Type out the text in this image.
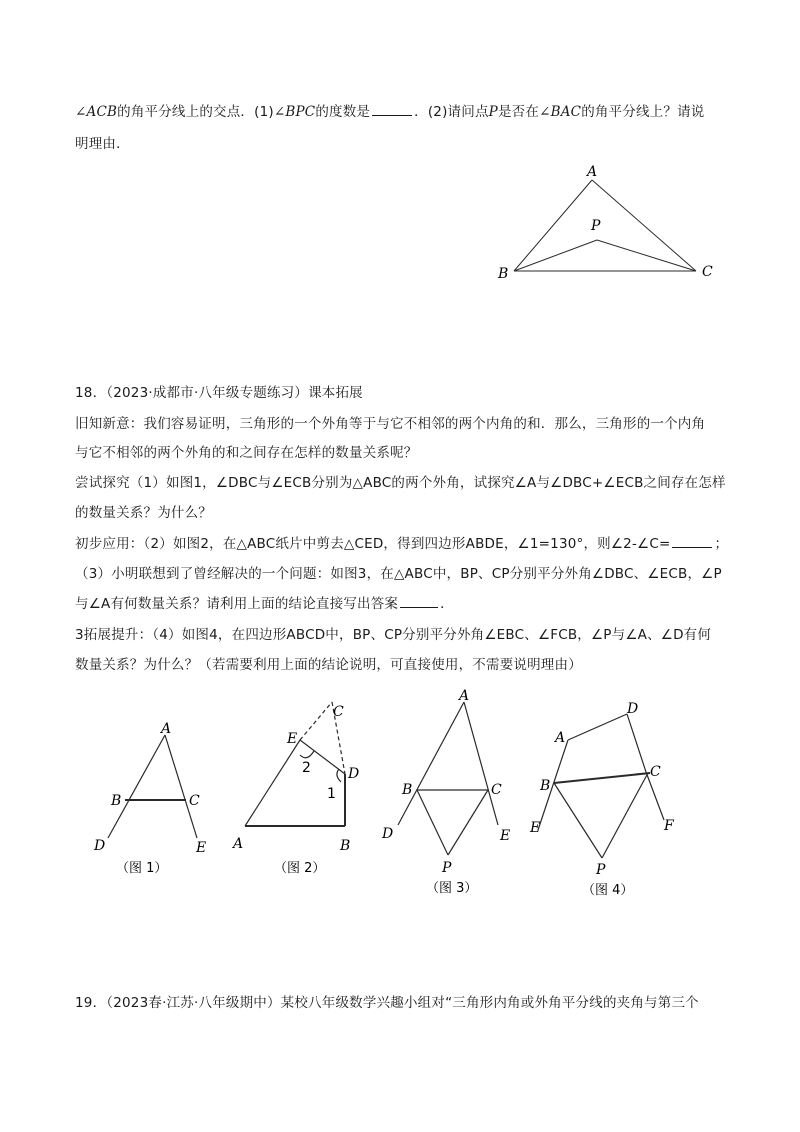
∠ACB的角平分线上的交点．(1)∠BPC的度数是	．(2)请问点P是否在∠BAC的角平分线上？请说
明理由．
A
B	C
P
18．（2023·成都市·八年级专题练习）课本拓展
旧知新意：我们容易证明，三角形的一个外角等于与它不相邻的两个内角的和．那么，三角形的一个内角
与它不相邻的两个外角的和之间存在怎样的数量关系呢？
尝试探究（1）如图1，∠DBC与∠ECB分别为△ABC的两个外角，试探究∠A与∠DBC+∠ECB之间存在怎样
的数量关系？为什么？
初步应用：（2）如图2，在△ABC纸片中剪去△CED，得到四边形ABDE，∠1=130°，则∠2-∠C=	；
（3）小明联想到了曾经解决的一个问题：如图3，在△ABC中，BP、CP分别平分外角∠DBC、∠ECB，∠P
与∠A有何数量关系？请利用上面的结论直接写出答案	．
3拓展提升：（4）如图4，在四边形ABCD中，BP、CP分别平分外角∠EBC、∠FCB，∠P与∠A、∠D有何
数量关系？为什么？（若需要利用上面的结论说明，可直接使用，不需要说明理由）
A
B	C
D	E
（图 1）
C
E
D
2
1
A	B
（图 2）
A
B	C
D	E
P
（图 3）
A
D
B
C
E	F
P
（图 4）
19．（2023春·江苏·八年级期中）某校八年级数学兴趣小组对“三角形内角或外角平分线的夹角与第三个
